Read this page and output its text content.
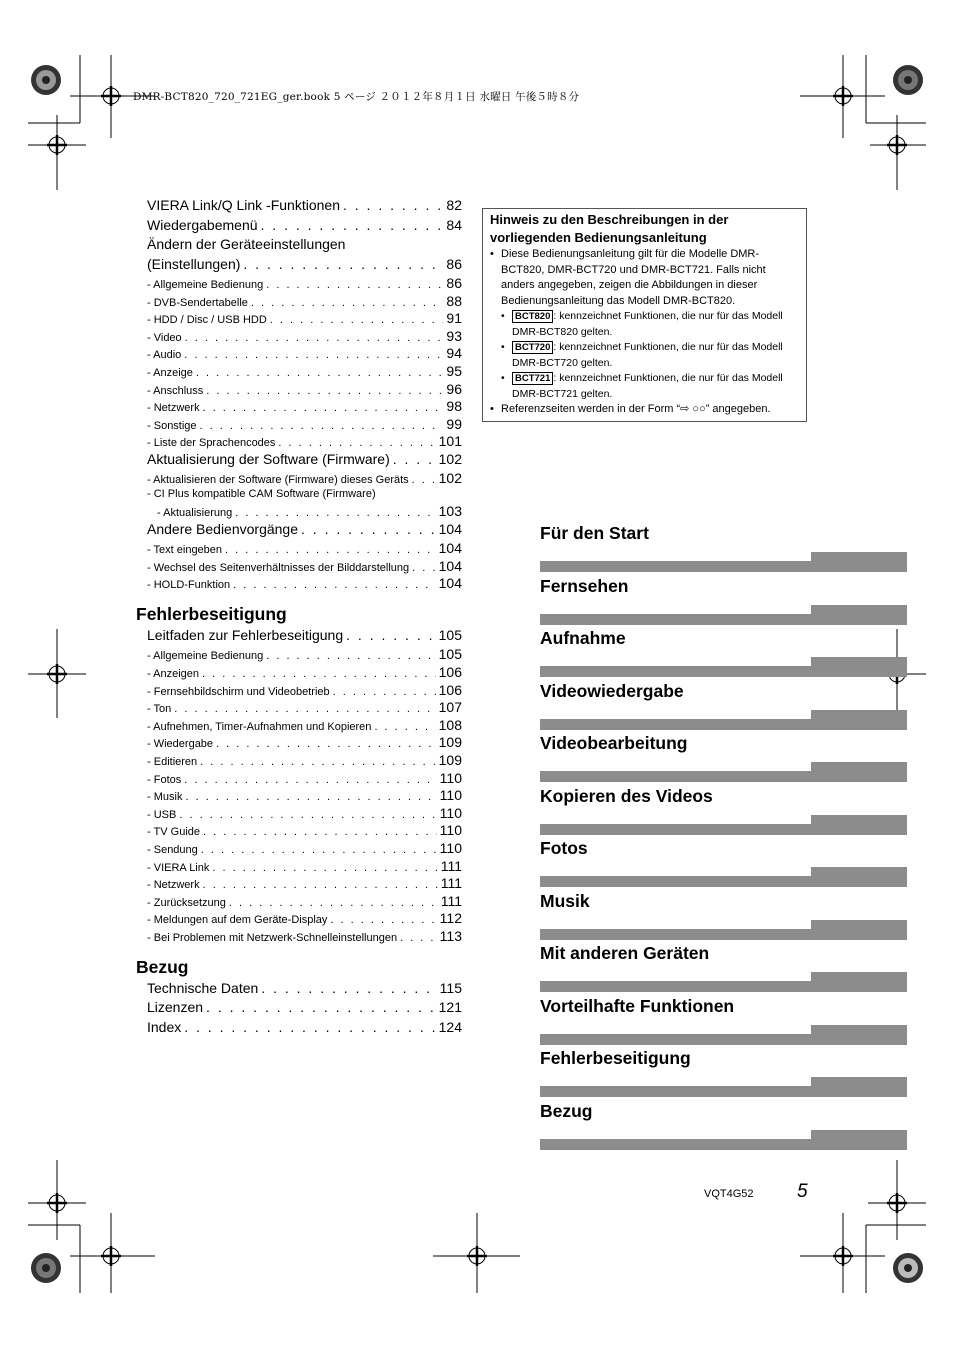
DMR-BCT820_720_721EG_ger.book 5 ページ ２０１２年８月１日 水曜日 午後５時８分
VIERA Link/Q Link -Funktionen . . .	82
Wiedergabemenü . . .	84
Ändern der Geräteeinstellungen
(Einstellungen) . . .	86
- Allgemeine Bedienung . . .	86
- DVB-Sendertabelle . . .	88
- HDD / Disc / USB HDD . . .	91
- Video . . .	93
- Audio . . .	94
- Anzeige . . .	95
- Anschluss . . .	96
- Netzwerk . . .	98
- Sonstige . . .	99
- Liste der Sprachencodes . . .	101
Aktualisierung der Software (Firmware) . . .	102
- Aktualisieren der Software (Firmware) dieses Geräts . . . 102
- CI Plus kompatible CAM Software (Firmware)
- Aktualisierung . . .	103
Andere Bedienvorgänge . . .	104
- Text eingeben . . .	104
- Wechsel des Seitenverhältnisses der Bilddarstellung . . . 104
- HOLD-Funktion . . .	104
Fehlerbeseitigung
Leitfaden zur Fehlerbeseitigung . . .	105
- Allgemeine Bedienung . . .	105
- Anzeigen . . .	106
- Fernsehbildschirm und Videobetrieb . . .	106
- Ton . . .	107
- Aufnehmen, Timer-Aufnahmen und Kopieren . . .	108
- Wiedergabe . . .	109
- Editieren . . .	109
- Fotos . . .	110
- Musik . . .	110
- USB . . .	110
- TV Guide . . .	110
- Sendung . . .	110
- VIERA Link . . .	111
- Netzwerk . . .	111
- Zurücksetzung . . .	111
- Meldungen auf dem Geräte-Display . . .	112
- Bei Problemen mit Netzwerk-Schnelleinstellungen . . .	113
Bezug
Technische Daten . . .	115
Lizenzen . . .	121
Index . . .	124
Hinweis zu den Beschreibungen in der vorliegenden Bedienungsanleitung
• Diese Bedienungsanleitung gilt für die Modelle DMR-BCT820, DMR-BCT720 und DMR-BCT721. Falls nicht anders angegeben, zeigen die Abbildungen in dieser Bedienungsanleitung das Modell DMR-BCT820.
• BCT820 : kennzeichnet Funktionen, die nur für das Modell DMR-BCT820 gelten.
• BCT720 : kennzeichnet Funktionen, die nur für das Modell DMR-BCT720 gelten.
• BCT721 : kennzeichnet Funktionen, die nur für das Modell DMR-BCT721 gelten.
• Referenzseiten werden in der Form “⇨ ○○” angegeben.
Für den Start
Fernsehen
Aufnahme
Videowiedergabe
Videobearbeitung
Kopieren des Videos
Fotos
Musik
Mit anderen Geräten
Vorteilhafte Funktionen
Fehlerbeseitigung
Bezug
VQT4G52 5
